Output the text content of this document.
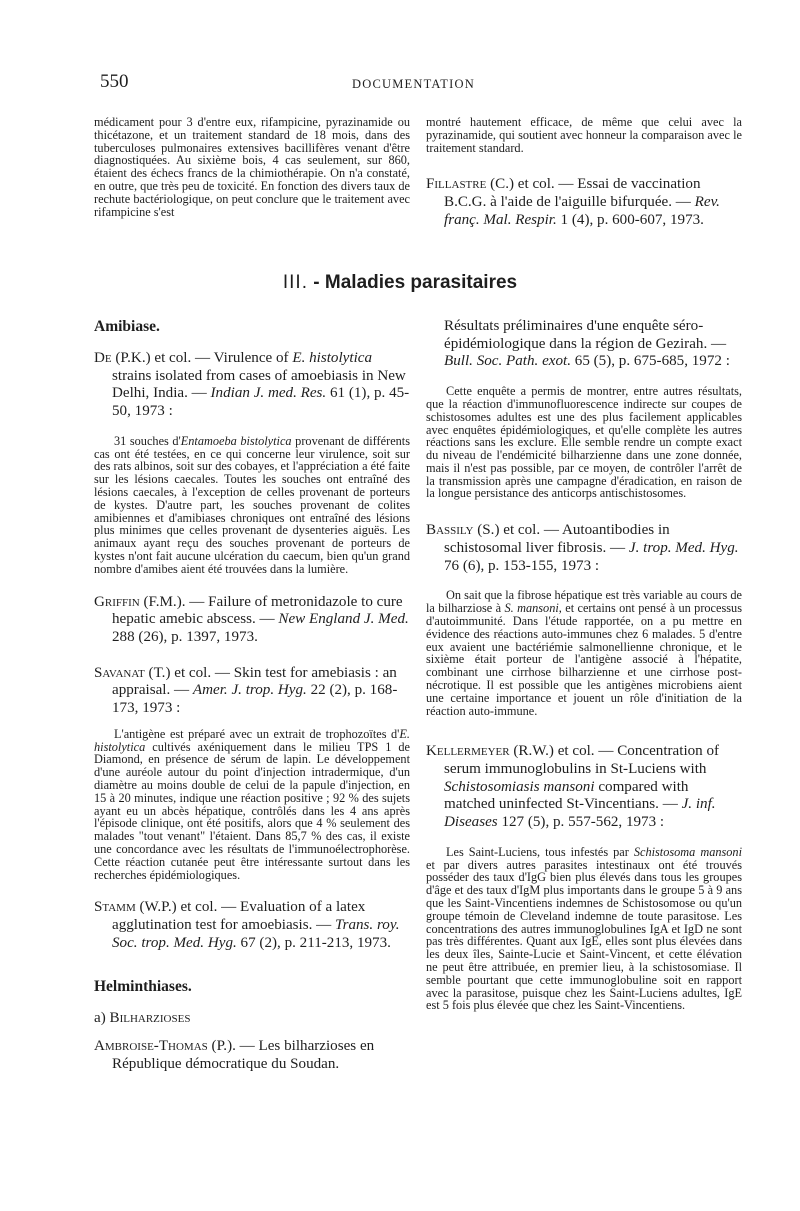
550	DOCUMENTATION

médicament pour 3 d'entre eux, rifampicine, pyrazinamide ou thicétazone, et un traitement standard de 18 mois, dans des tuberculoses pulmonaires extensives bacillifères venant d'être diagnostiquées. Au sixième bois, 4 cas seulement, sur 860, étaient des échecs francs de la chimiothérapie. On n'a constaté, en outre, que très peu de toxicité. En fonction des divers taux de rechute bactériologique, on peut conclure que le traitement avec rifampicine s'est

montré hautement efficace, de même que celui avec la pyrazinamide, qui soutient avec honneur la comparaison avec le traitement standard.

Fillastre (C.) et col. — Essai de vaccination B.C.G. à l'aide de l'aiguille bifurquée. — Rev. franç. Mal. Respir. 1 (4), p. 600-607, 1973.

III. - Maladies parasitaires

Amibiase.

De (P.K.) et col. — Virulence of E. histolytica strains isolated from cases of amoebiasis in New Delhi, India. — Indian J. med. Res. 61 (1), p. 45-50, 1973 :

31 souches d'Entamoeba bistolytica provenant de différents cas ont été testées, en ce qui concerne leur virulence, soit sur des rats albinos, soit sur des cobayes, et l'appréciation a été faite sur les lésions caecales. Toutes les souches ont entraîné des lésions caecales, à l'exception de celles provenant de porteurs de kystes. D'autre part, les souches provenant de colites amibiennes et d'amibiases chroniques ont entraîné des lésions plus minimes que celles provenant de dysenteries aiguës. Les animaux ayant reçu des souches provenant de porteurs de kystes n'ont fait aucune ulcération du caecum, bien qu'un grand nombre d'amibes aient été trouvées dans la lumière.

Griffin (F.M.). — Failure of metronidazole to cure hepatic amebic abscess. — New England J. Med. 288 (26), p. 1397, 1973.

Savanat (T.) et col. — Skin test for amebiasis : an appraisal. — Amer. J. trop. Hyg. 22 (2), p. 168-173, 1973 :

L'antigène est préparé avec un extrait de trophozoïtes d'E. histolytica cultivés axéniquement dans le milieu TPS 1 de Diamond, en présence de sérum de lapin. Le développement d'une auréole autour du point d'injection intradermique, d'un diamètre au moins double de celui de la papule d'injection, en 15 à 20 minutes, indique une réaction positive ; 92 % des sujets ayant eu un abcès hépatique, contrôlés dans les 4 ans après l'épisode clinique, ont été positifs, alors que 4 % seulement des malades "tout venant" l'étaient. Dans 85,7 % des cas, il existe une concordance avec les résultats de l'immunoélectrophorèse. Cette réaction cutanée peut être intéressante surtout dans les recherches épidémiologiques.

Stamm (W.P.) et col. — Evaluation of a latex agglutination test for amoebiasis. — Trans. roy. Soc. trop. Med. Hyg. 67 (2), p. 211-213, 1973.

Helminthiases.

a) Bilharzioses

Ambroise-Thomas (P.). — Les bilharzioses en République démocratique du Soudan.

Résultats préliminaires d'une enquête séro-épidémiologique dans la région de Gezirah. — Bull. Soc. Path. exot. 65 (5), p. 675-685, 1972 :

Cette enquête a permis de montrer, entre autres résultats, que la réaction d'immunofluorescence indirecte sur coupes de schistosomes adultes est une des plus facilement applicables avec enquêtes épidémiologiques, et qu'elle complète les autres réactions sans les exclure. Elle semble rendre un compte exact du niveau de l'endémicité bilharzienne dans une zone donnée, mais il n'est pas possible, par ce moyen, de contrôler l'arrêt de la transmission après une campagne d'éradication, en raison de la longue persistance des anticorps antischistosomes.

Bassily (S.) et col. — Autoantibodies in schistosomal liver fibrosis. — J. trop. Med. Hyg. 76 (6), p. 153-155, 1973 :

On sait que la fibrose hépatique est très variable au cours de la bilharziose à S. mansoni, et certains ont pensé à un processus d'autoimmunité. Dans l'étude rapportée, on a pu mettre en évidence des réactions auto-immunes chez 6 malades. 5 d'entre eux avaient une bactériémie salmonellienne chronique, et le sixième était porteur de l'antigène associé à l'hépatite, combinant une cirrhose bilharzienne et une cirrhose post-nécrotique. Il est possible que les antigènes microbiens aient une certaine importance et jouent un rôle d'initiation de la réaction auto-immune.

Kellermeyer (R.W.) et col. — Concentration of serum immunoglobulins in St-Luciens with Schistosomiasis mansoni compared with matched uninfected St-Vincentians. — J. inf. Diseases 127 (5), p. 557-562, 1973 :

Les Saint-Luciens, tous infestés par Schistosoma mansoni et par divers autres parasites intestinaux ont été trouvés posséder des taux d'IgG bien plus élevés dans tous les groupes d'âge et des taux d'IgM plus importants dans le groupe 5 à 9 ans que les Saint-Vincentiens indemnes de Schistosomose ou qu'un groupe témoin de Cleveland indemne de toute parasitose. Les concentrations des autres immunoglobulines IgA et IgD ne sont pas très différentes. Quant aux IgE, elles sont plus élevées dans les deux îles, Sainte-Lucie et Saint-Vincent, et cette élévation ne peut être attribuée, en premier lieu, à la schistosomiase. Il semble pourtant que cette immunoglobuline soit en rapport avec la parasitose, puisque chez les Saint-Luciens adultes, IgE est 5 fois plus élevée que chez les Saint-Vincentiens.
